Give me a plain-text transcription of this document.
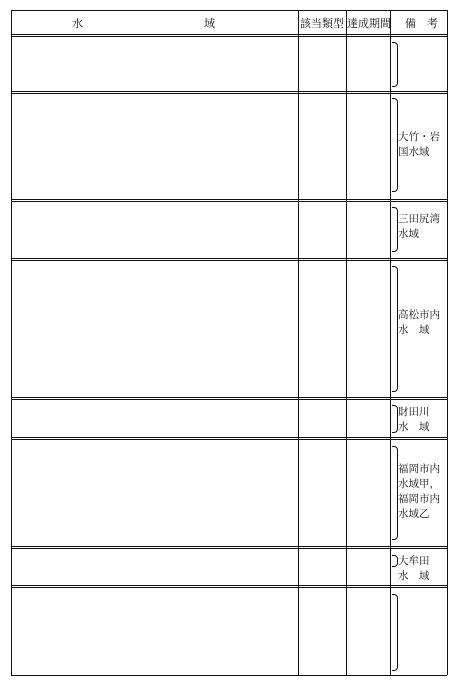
水　　　　　　　　　　　域	該当類型 達成期間 備　考
大竹・岩
国水域
三田尻湾
水域
高松市内
水　域
財田川
水　域
福岡市内
水域甲，
福岡市内
水域乙
大牟田
水　域
